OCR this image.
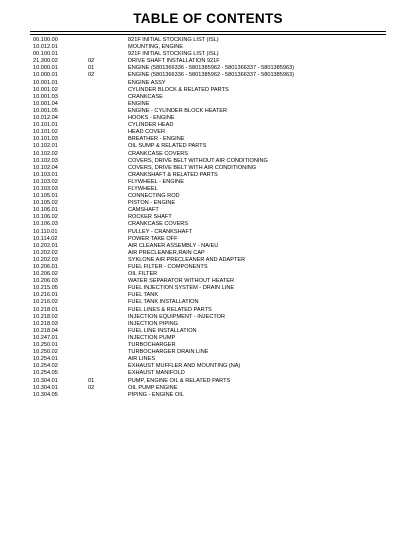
TABLE OF CONTENTS
00.100.00	821F INITIAL STOCKING LIST (ISL)
10.012.01	MOUNTING, ENGINE
00.100.01	921F INITIAL STOCKING LIST (ISL)
21.300.02	02	DRIVE SHAFT INSTALLATION 921F
10.000.01	01	ENGINE (5801366336 - 5801385962 - 5801366337 - 5801385963)
10.000.01	02	ENGINE (5801366336 - 5801385962 - 5801366337 - 5801385963)
10.001.01	ENGINE ASSY
10.001.02	CYLINDER BLOCK & RELATED PARTS
10.001.03	CRANKCASE
10.001.04	ENGINE
10.001.05	ENGINE - CYLINDER BLOCK HEATER
10.012.04	HOOKS - ENGINE
10.101.01	CYLINDER HEAD
10.101.02	HEAD COVER
10.101.03	BREATHER - ENGINE
10.102.01	OIL SUMP & RELATED PARTS
10.102.02	CRANKCASE COVERS
10.102.03	COVERS, DRIVE BELT WITHOUT AIR CONDITIONING
10.102.04	COVERS, DRIVE BELT WITH AIR CONDITIONING
10.103.01	CRANKSHAFT & RELATED PARTS
10.103.02	FLYWHEEL - ENGINE
10.103.03	FLYWHEEL
10.105.01	CONNECTING ROD
10.105.02	PISTON - ENGINE
10.106.01	CAMSHAFT
10.106.02	ROCKER SHAFT
10.106.03	CRANKCASE COVERS
10.110.01	PULLEY - CRANKSHAFT
10.114.02	POWER TAKE OFF
10.202.01	AIR CLEANER ASSEMBLY - NA/EU
10.202.02	AIR PRECLEANER,RAIN CAP
10.202.03	SYKLONE AIR PRECLEANER AND ADAPTER
10.206.01	FUEL FILTER - COMPONENTS
10.206.02	OIL FILTER
10.206.03	WATER SEPARATOR WITHOUT HEATER
10.215.05	FUEL INJECTION SYSTEM - DRAIN LINE
10.216.01	FUEL TANK
10.216.02	FUEL TANK INSTALLATION
10.218.01	FUEL LINES & RELATED PARTS
10.218.02	INJECTION EQUIPMENT - INJECTOR
10.218.03	INJECTION PIPING
10.218.04	FUEL LINE INSTALLATION
10.247.01	INJECTION PUMP
10.250.01	TURBOCHARGER
10.250.02	TURBOCHARGER DRAIN LINE
10.254.01	AIR LINES
10.254.02	EXHAUST MUFFLER AND MOUNTING (NA)
10.254.05	EXHAUST MANIFOLD
10.304.01	01	PUMP, ENGINE OIL & RELATED PARTS
10.304.01	02	OIL PUMP ENGINE
10.304.05	PIPING - ENGINE OIL
